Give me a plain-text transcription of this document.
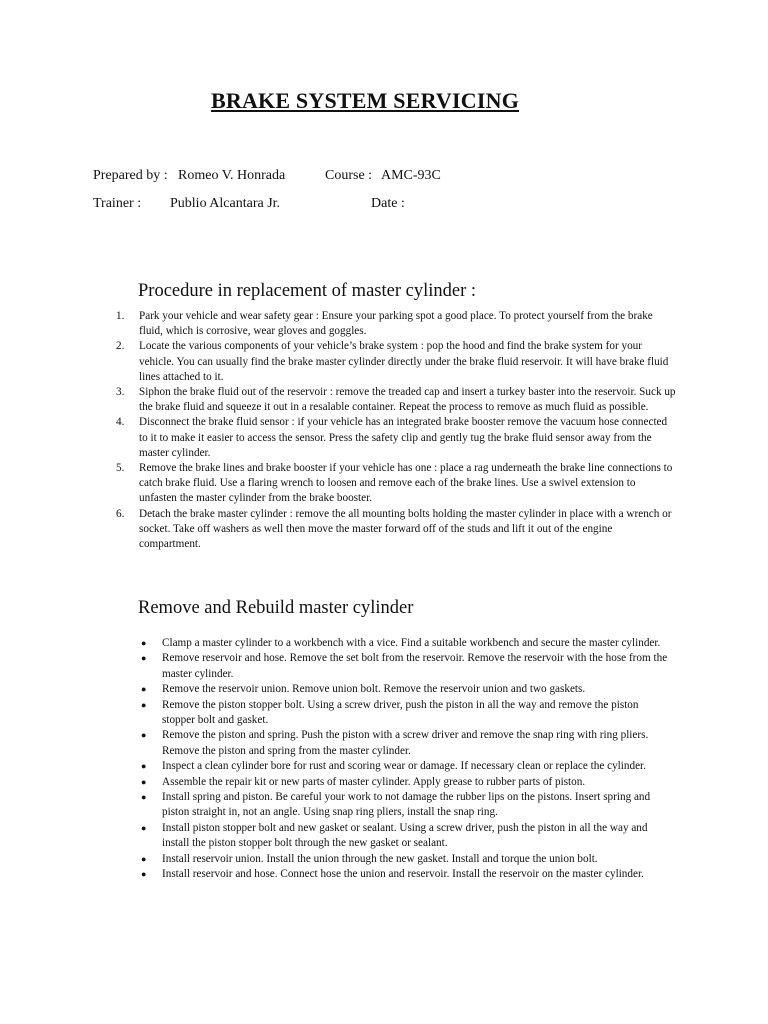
BRAKE SYSTEM SERVICING
Prepared by : Romeo V. Honrada	Course : AMC-93C
Trainer : Publio Alcantara Jr.	Date :
Procedure in replacement of master cylinder :
1. Park your vehicle and wear safety gear : Ensure your parking spot a good place. To protect yourself from the brake fluid, which is corrosive, wear gloves and goggles.
2. Locate the various components of your vehicle’s brake system : pop the hood and find the brake system for your vehicle. You can usually find the brake master cylinder directly under the brake fluid reservoir. It will have brake fluid lines attached to it.
3. Siphon the brake fluid out of the reservoir : remove the treaded cap and insert a turkey baster into the reservoir. Suck up the brake fluid and squeeze it out in a resalable container. Repeat the process to remove as much fluid as possible.
4. Disconnect the brake fluid sensor : if your vehicle has an integrated brake booster remove the vacuum hose connected to it to make it easier to access the sensor. Press the safety clip and gently tug the brake fluid sensor away from the master cylinder.
5. Remove the brake lines and brake booster if your vehicle has one : place a rag underneath the brake line connections to catch brake fluid. Use a flaring wrench to loosen and remove each of the brake lines. Use a swivel extension to unfasten the master cylinder from the brake booster.
6. Detach the brake master cylinder : remove the all mounting bolts holding the master cylinder in place with a wrench or socket. Take off washers as well then move the master forward off of the studs and lift it out of the engine compartment.
Remove and Rebuild master cylinder
● Clamp a master cylinder to a workbench with a vice. Find a suitable workbench and secure the master cylinder.
● Remove reservoir and hose. Remove the set bolt from the reservoir. Remove the reservoir with the hose from the master cylinder.
● Remove the reservoir union. Remove union bolt. Remove the reservoir union and two gaskets.
● Remove the piston stopper bolt. Using a screw driver, push the piston in all the way and remove the piston stopper bolt and gasket.
● Remove the piston and spring. Push the piston with a screw driver and remove the snap ring with ring pliers. Remove the piston and spring from the master cylinder.
● Inspect a clean cylinder bore for rust and scoring wear or damage. If necessary clean or replace the cylinder.
● Assemble the repair kit or new parts of master cylinder. Apply grease to rubber parts of piston.
● Install spring and piston. Be careful your work to not damage the rubber lips on the pistons. Insert spring and piston straight in, not an angle. Using snap ring pliers, install the snap ring.
● Install piston stopper bolt and new gasket or sealant. Using a screw driver, push the piston in all the way and install the piston stopper bolt through the new gasket or sealant.
● Install reservoir union. Install the union through the new gasket. Install and torque the union bolt.
● Install reservoir and hose. Connect hose the union and reservoir. Install the reservoir on the master cylinder.
